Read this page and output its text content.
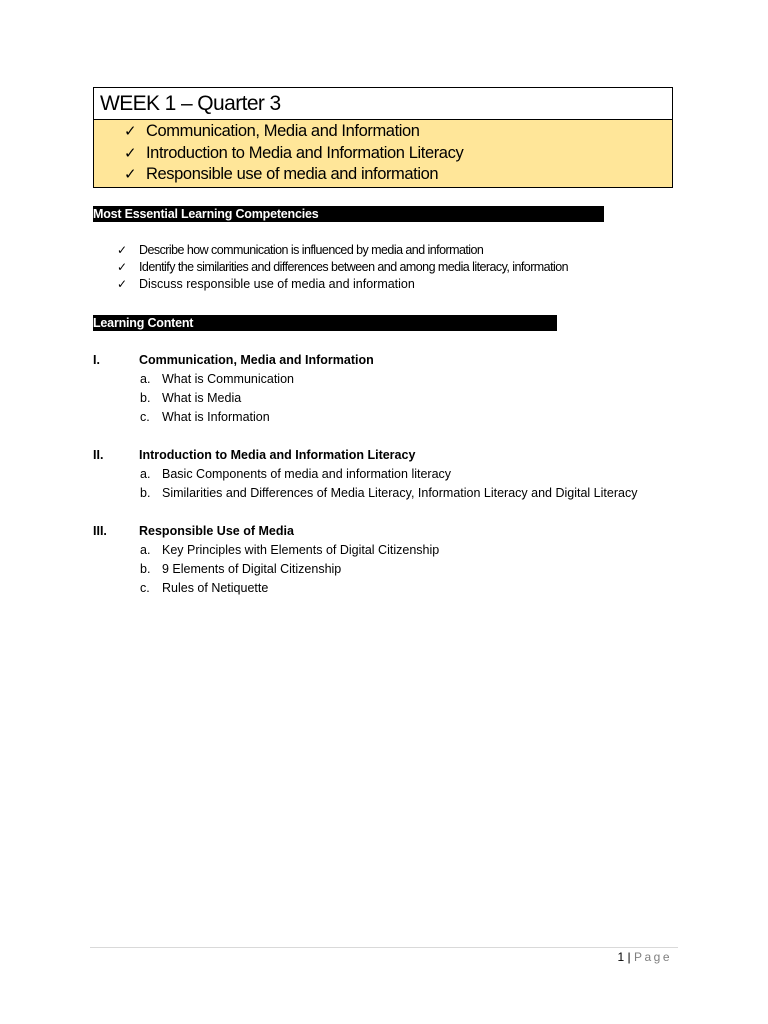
WEEK 1 – Quarter 3
✓ Communication, Media and Information
✓ Introduction to Media and Information Literacy
✓ Responsible use of media and information
Most Essential Learning Competencies
✓ Describe how communication is influenced by media and information
✓ Identify the similarities and differences between and among media literacy, information
✓ Discuss responsible use of media and information
Learning Content
I.	Communication, Media and Information
a. What is Communication
b. What is Media
c. What is Information
II.	Introduction to Media and Information Literacy
a. Basic Components of media and information literacy
b. Similarities and Differences of Media Literacy, Information Literacy and Digital Literacy
III.	Responsible Use of Media
a. Key Principles with Elements of Digital Citizenship
b. 9 Elements of Digital Citizenship
c. Rules of Netiquette
1 | Page
